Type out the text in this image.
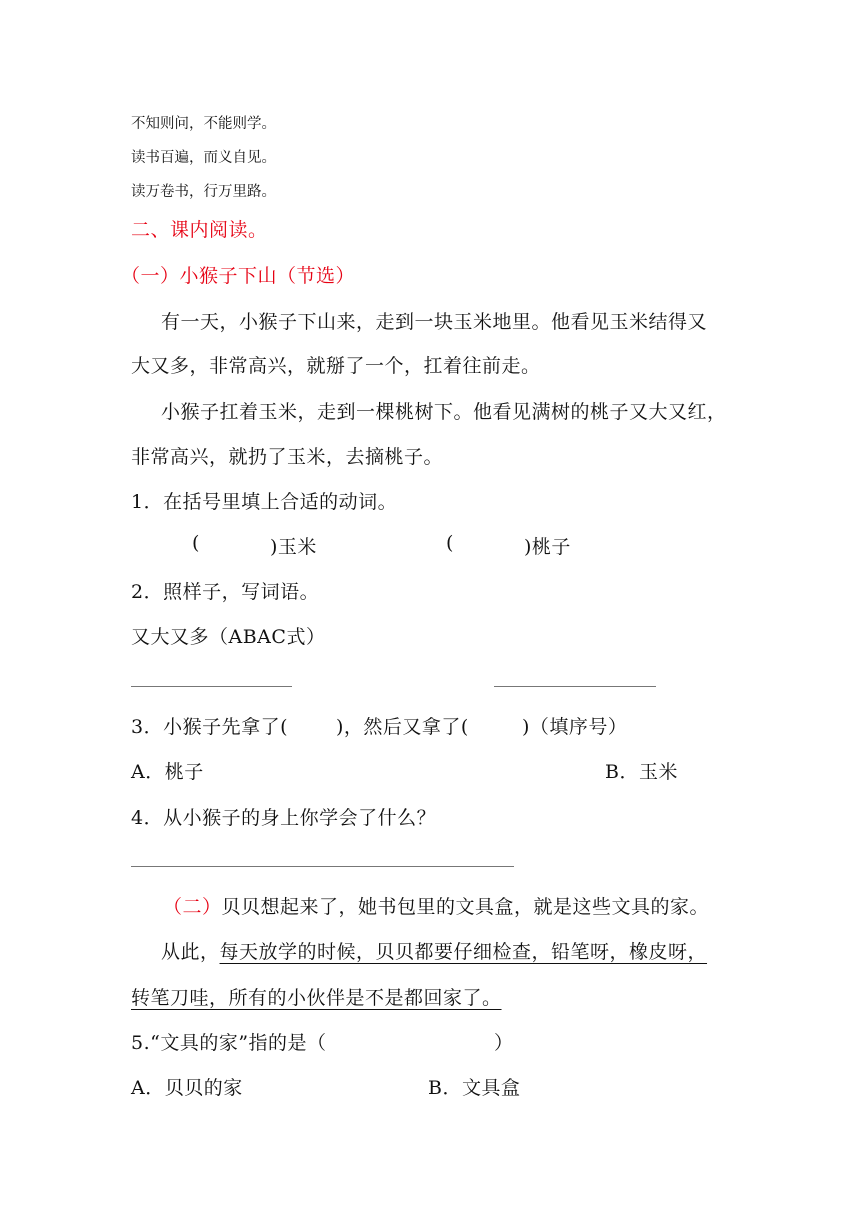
不知则问，不能则学。
读书百遍，而义自见。
读万卷书，行万里路。
二、课内阅读。
（一）小猴子下山（节选）
有一天，小猴子下山来，走到一块玉米地里。他看见玉米结得又
大又多，非常高兴，就掰了一个，扛着往前走。
小猴子扛着玉米，走到一棵桃树下。他看见满树的桃子又大又红，
非常高兴，就扔了玉米，去摘桃子。
1．在括号里填上合适的动词。
(	)玉米	(	)桃子
2．照样子，写词语。
又大又多（ABAC式）
3．小猴子先拿了(	)，然后又拿了(	)（填序号）
A．桃子	B．玉米
4．从小猴子的身上你学会了什么？
（二）贝贝想起来了，她书包里的文具盒，就是这些文具的家。
从此，每天放学的时候，贝贝都要仔细检查，铅笔呀，橡皮呀，
转笔刀哇，所有的小伙伴是不是都回家了。
5.“文具的家”指的是（	）
A．贝贝的家	B．文具盒
